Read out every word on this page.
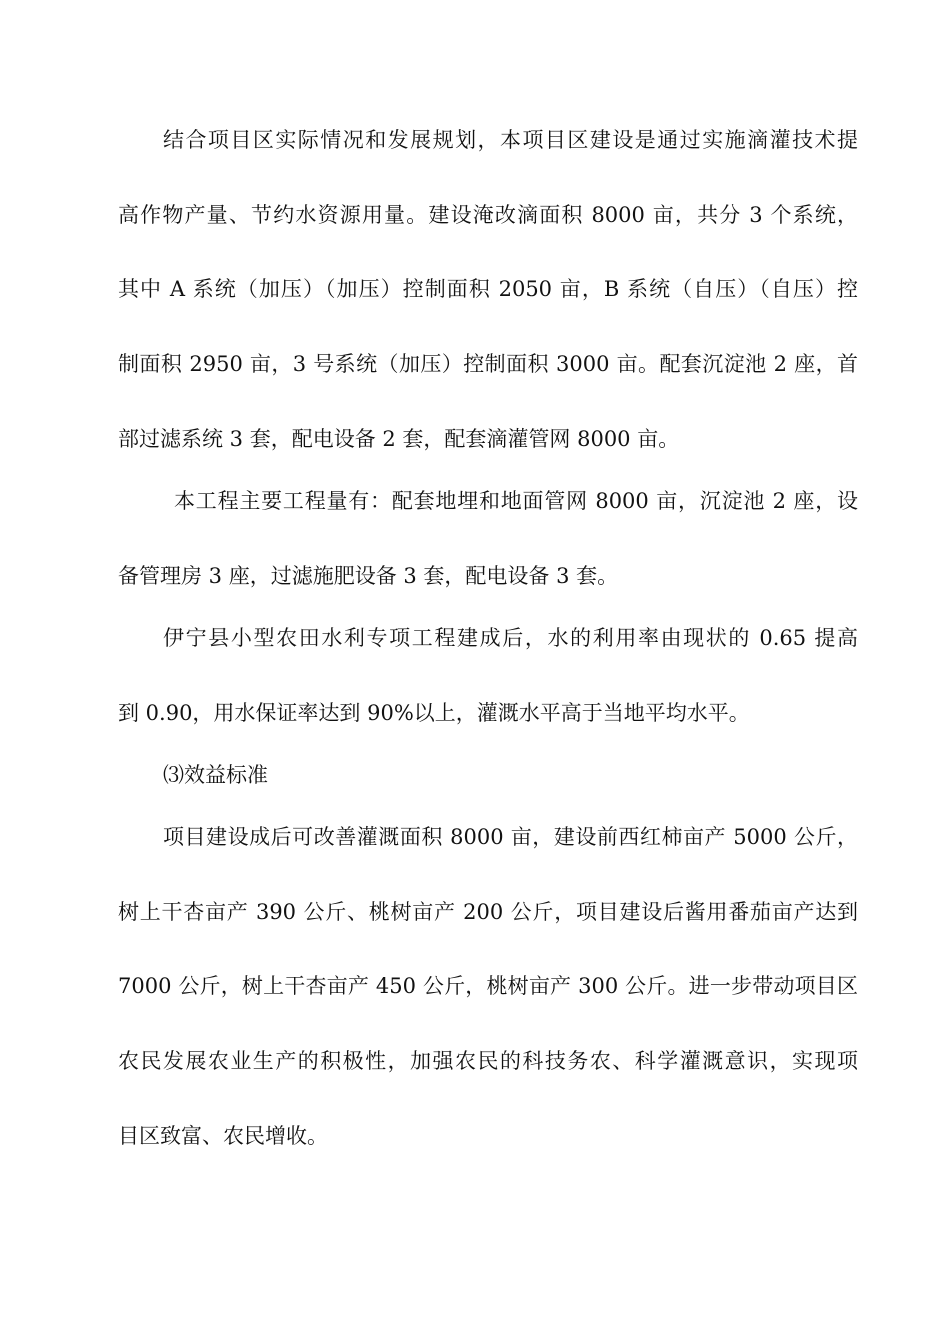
结合项目区实际情况和发展规划，本项目区建设是通过实施滴灌技术提
高作物产量、节约水资源用量。建设淹改滴面积 8000 亩，共分 3 个系统，
其中 A 系统（加压）（加压）控制面积 2050 亩，B 系统（自压）（自压）控
制面积 2950 亩，3 号系统（加压）控制面积 3000 亩。配套沉淀池 2 座，首
部过滤系统 3 套，配电设备 2 套，配套滴灌管网 8000 亩。
本工程主要工程量有：配套地埋和地面管网 8000 亩，沉淀池 2 座，设
备管理房 3 座，过滤施肥设备 3 套，配电设备 3 套。
伊宁县小型农田水利专项工程建成后，水的利用率由现状的 0.65 提高
到 0.90，用水保证率达到 90%以上，灌溉水平高于当地平均水平。
⑶效益标准
项目建设成后可改善灌溉面积 8000 亩，建设前西红柿亩产 5000 公斤，
树上干杏亩产 390 公斤、桃树亩产 200 公斤，项目建设后酱用番茄亩产达到
7000 公斤，树上干杏亩产 450 公斤，桃树亩产 300 公斤。进一步带动项目区
农民发展农业生产的积极性，加强农民的科技务农、科学灌溉意识，实现项
目区致富、农民增收。
